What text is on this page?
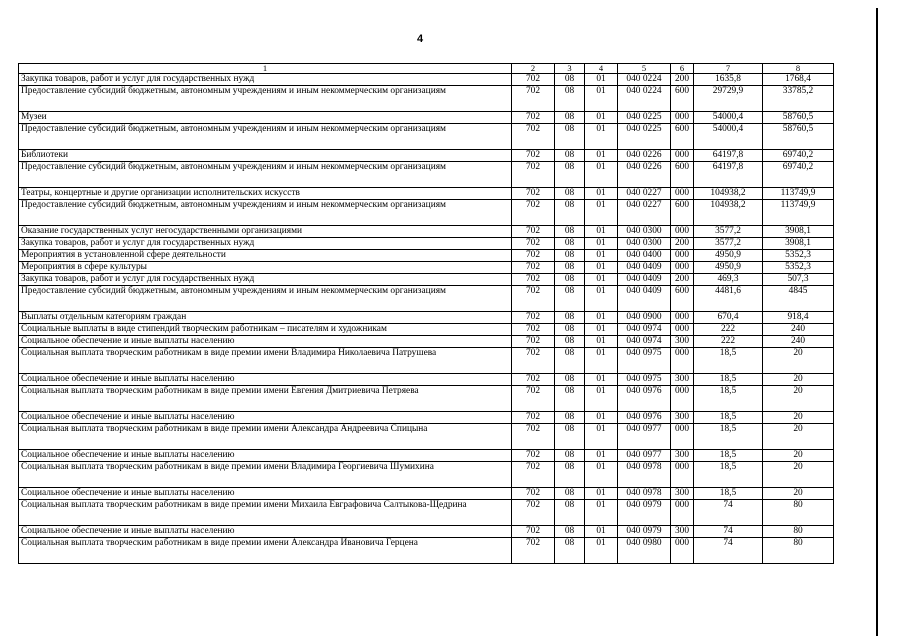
4
1	2	3	4	5	6	7	8
Закупка товаров, работ и услуг для государственных нужд	702	08	01	040 0224	200	1635,8	1768,4
Предоставление субсидий бюджетным, автономным учреждениям и иным некоммерческим организациям	702	08	01	040 0224	600	29729,9	33785,2
Музеи	702	08	01	040 0225	000	54000,4	58760,5
Предоставление субсидий бюджетным, автономным учреждениям и иным некоммерческим организациям	702	08	01	040 0225	600	54000,4	58760,5
Библиотеки	702	08	01	040 0226	000	64197,8	69740,2
Предоставление субсидий бюджетным, автономным учреждениям и иным некоммерческим организациям	702	08	01	040 0226	600	64197,8	69740,2
Театры, концертные и другие организации исполнительских искусств	702	08	01	040 0227	000	104938,2	113749,9
Предоставление субсидий бюджетным, автономным учреждениям и иным некоммерческим организациям	702	08	01	040 0227	600	104938,2	113749,9
Оказание государственных услуг негосударственными организациями	702	08	01	040 0300	000	3577,2	3908,1
Закупка товаров, работ и услуг для государственных нужд	702	08	01	040 0300	200	3577,2	3908,1
Мероприятия в установленной сфере деятельности	702	08	01	040 0400	000	4950,9	5352,3
Мероприятия в сфере культуры	702	08	01	040 0409	000	4950,9	5352,3
Закупка товаров, работ и услуг для государственных нужд	702	08	01	040 0409	200	469,3	507,3
Предоставление субсидий бюджетным, автономным учреждениям и иным некоммерческим организациям	702	08	01	040 0409	600	4481,6	4845
Выплаты отдельным категориям граждан	702	08	01	040 0900	000	670,4	918,4
Социальные выплаты в виде стипендий творческим работникам – писателям и художникам	702	08	01	040 0974	000	222	240
Социальное обеспечение и иные выплаты населению	702	08	01	040 0974	300	222	240
Социальная выплата творческим работникам в виде премии имени Владимира Николаевича Патрушева	702	08	01	040 0975	000	18,5	20
Социальное обеспечение и иные выплаты населению	702	08	01	040 0975	300	18,5	20
Социальная выплата творческим работникам в виде премии имени Евгения Дмитриевича Петряева	702	08	01	040 0976	000	18,5	20
Социальное обеспечение и иные выплаты населению	702	08	01	040 0976	300	18,5	20
Социальная выплата творческим работникам в виде премии имени Александра Андреевича Спицына	702	08	01	040 0977	000	18,5	20
Социальное обеспечение и иные выплаты населению	702	08	01	040 0977	300	18,5	20
Социальная выплата творческим работникам в виде премии имени Владимира Георгиевича Шумихина	702	08	01	040 0978	000	18,5	20
Социальное обеспечение и иные выплаты населению	702	08	01	040 0978	300	18,5	20
Социальная выплата творческим работникам в виде премии имени Михаила Евграфовича Салтыкова-Щедрина	702	08	01	040 0979	000	74	80
Социальное обеспечение и иные выплаты населению	702	08	01	040 0979	300	74	80
Социальная выплата творческим работникам в виде премии имени Александра Ивановича Герцена	702	08	01	040 0980	000	74	80
